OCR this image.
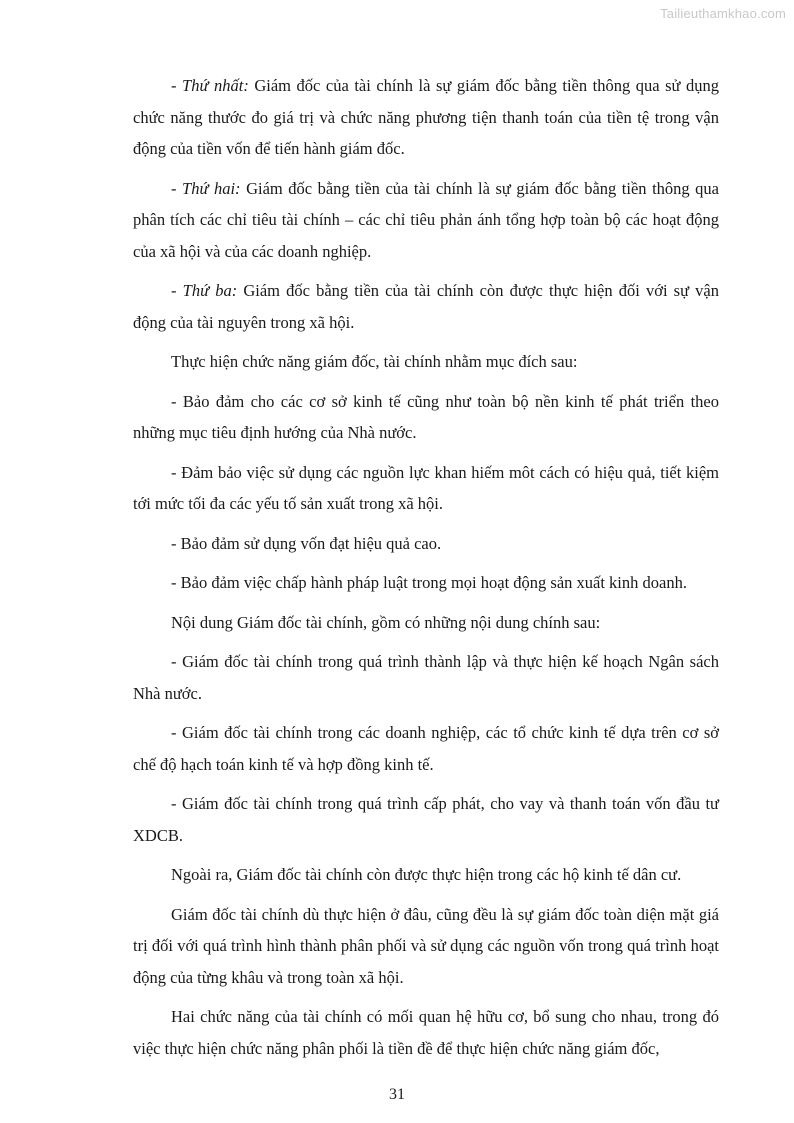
Tailieuthamkhao.com

- Thứ nhất: Giám đốc của tài chính là sự giám đốc bằng tiền thông qua sử dụng chức năng thước đo giá trị và chức năng phương tiện thanh toán của tiền tệ trong vận động của tiền vốn để tiến hành giám đốc.

- Thứ hai: Giám đốc bằng tiền của tài chính là sự giám đốc bằng tiền thông qua phân tích các chỉ tiêu tài chính – các chỉ tiêu phản ánh tổng hợp toàn bộ các hoạt động của xã hội và của các doanh nghiệp.

- Thứ ba: Giám đốc bằng tiền của tài chính còn được thực hiện đối với sự vận động của tài nguyên trong xã hội.

Thực hiện chức năng giám đốc, tài chính nhằm mục đích sau:

- Bảo đảm cho các cơ sở kinh tế cũng như toàn bộ nền kinh tế phát triển theo những mục tiêu định hướng của Nhà nước.

- Đảm bảo việc sử dụng các nguồn lực khan hiếm môt cách có hiệu quả, tiết kiệm tới mức tối đa các yếu tố sản xuất trong xã hội.

- Bảo đảm sử dụng vốn đạt hiệu quả cao.

- Bảo đảm việc chấp hành pháp luật trong mọi hoạt động sản xuất kinh doanh.

Nội dung Giám đốc tài chính, gồm có những nội dung chính sau:

- Giám đốc tài chính trong quá trình thành lập và thực hiện kế hoạch Ngân sách Nhà nước.

- Giám đốc tài chính trong các doanh nghiệp, các tổ chức kinh tế dựa trên cơ sở chế độ hạch toán kinh tế và hợp đồng kinh tế.

- Giám đốc tài chính trong quá trình cấp phát, cho vay và thanh toán vốn đầu tư XDCB.

Ngoài ra, Giám đốc tài chính còn được thực hiện trong các hộ kinh tế dân cư.

Giám đốc tài chính dù thực hiện ở đâu, cũng đều là sự giám đốc toàn diện mặt giá trị đối với quá trình hình thành phân phối và sử dụng các nguồn vốn trong quá trình hoạt động của từng khâu và trong toàn xã hội.

Hai chức năng của tài chính có mối quan hệ hữu cơ, bổ sung cho nhau, trong đó việc thực hiện chức năng phân phối là tiền đề để thực hiện chức năng giám đốc,

31
